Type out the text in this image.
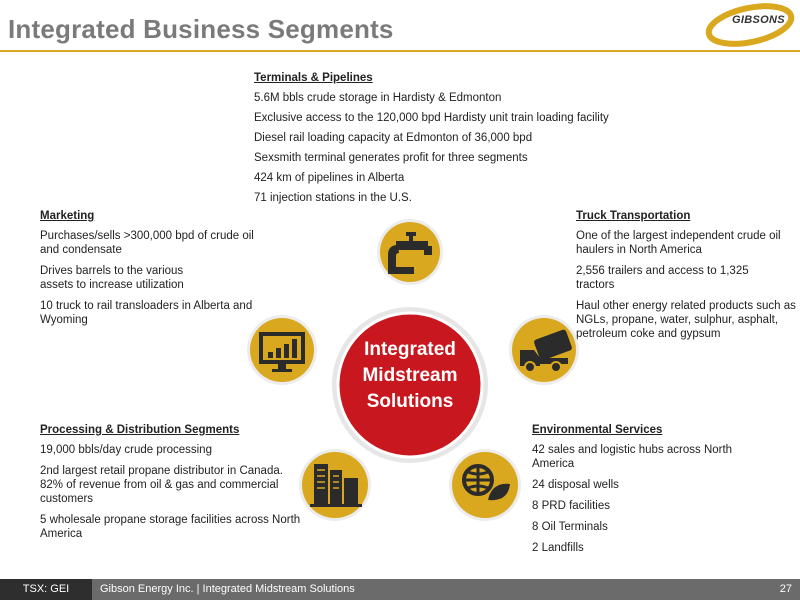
Integrated Business Segments	GIBSONS
Terminals & Pipelines
5.6M bbls crude storage in Hardisty & Edmonton
Exclusive access to the 120,000 bpd Hardisty unit train loading facility
Diesel rail loading capacity at Edmonton of 36,000 bpd
Sexsmith terminal generates profit for three segments
424 km of pipelines in Alberta
71 injection stations in the U.S.
Marketing
Purchases/sells >300,000 bpd of crude oil and condensate
Drives barrels to the various assets to increase utilization
10 truck to rail transloaders in Alberta and Wyoming
Truck Transportation
One of the largest independent crude oil haulers in North America
2,556 trailers and access to 1,325 tractors
Haul other energy related products such as NGLs, propane, water, sulphur, asphalt, petroleum coke and gypsum
Processing & Distribution Segments
19,000 bbls/day crude processing
2nd largest retail propane distributor in Canada. 82% of revenue from oil & gas and commercial customers
5 wholesale propane storage facilities across North America
Environmental Services
42 sales and logistic hubs across North America
24 disposal wells
8 PRD facilities
8 Oil Terminals
2 Landfills
Integrated
Midstream
Solutions
TSX: GEI	Gibson Energy Inc. | Integrated Midstream Solutions	27
